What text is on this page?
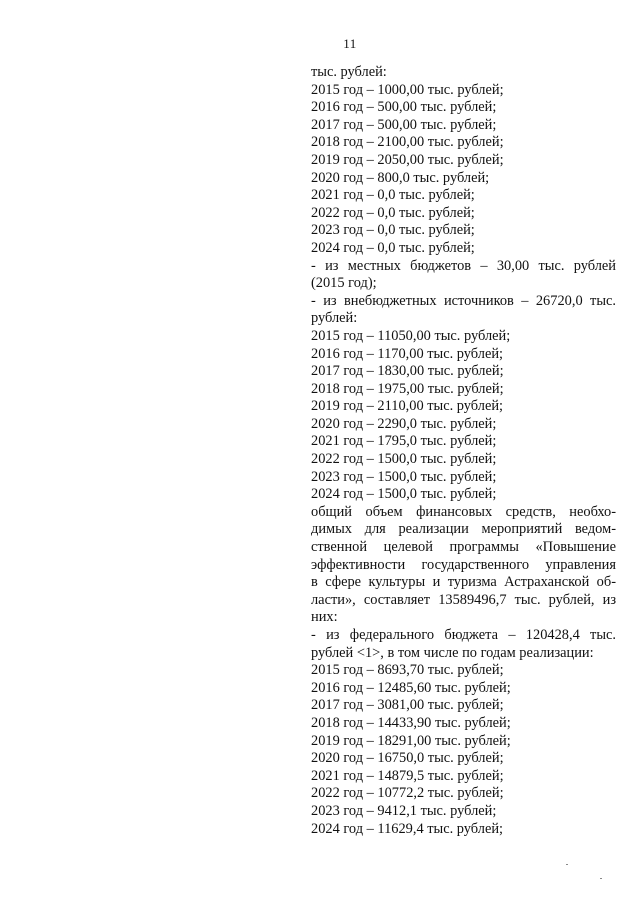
11
тыс. рублей:
2015 год – 1000,00 тыс. рублей;
2016 год – 500,00 тыс. рублей;
2017 год – 500,00 тыс. рублей;
2018 год – 2100,00 тыс. рублей;
2019 год – 2050,00 тыс. рублей;
2020 год – 800,0 тыс. рублей;
2021 год – 0,0 тыс. рублей;
2022 год – 0,0 тыс. рублей;
2023 год – 0,0 тыс. рублей;
2024 год – 0,0 тыс. рублей;
- из местных бюджетов – 30,00 тыс. рублей
(2015 год);
- из внебюджетных источников – 26720,0 тыс.
рублей:
2015 год – 11050,00 тыс. рублей;
2016 год – 1170,00 тыс. рублей;
2017 год – 1830,00 тыс. рублей;
2018 год – 1975,00 тыс. рублей;
2019 год – 2110,00 тыс. рублей;
2020 год – 2290,0 тыс. рублей;
2021 год – 1795,0 тыс. рублей;
2022 год – 1500,0 тыс. рублей;
2023 год – 1500,0 тыс. рублей;
2024 год – 1500,0 тыс. рублей;
общий объем финансовых средств, необхо-
димых для реализации мероприятий ведом-
ственной целевой программы «Повышение
эффективности государственного управления
в сфере культуры и туризма Астраханской об-
ласти», составляет 13589496,7 тыс. рублей, из
них:
- из федерального бюджета – 120428,4 тыс.
рублей <1>, в том числе по годам реализации:
2015 год – 8693,70 тыс. рублей;
2016 год – 12485,60 тыс. рублей;
2017 год – 3081,00 тыс. рублей;
2018 год – 14433,90 тыс. рублей;
2019 год – 18291,00 тыс. рублей;
2020 год – 16750,0 тыс. рублей;
2021 год – 14879,5 тыс. рублей;
2022 год – 10772,2 тыс. рублей;
2023 год – 9412,1 тыс. рублей;
2024 год – 11629,4 тыс. рублей;
